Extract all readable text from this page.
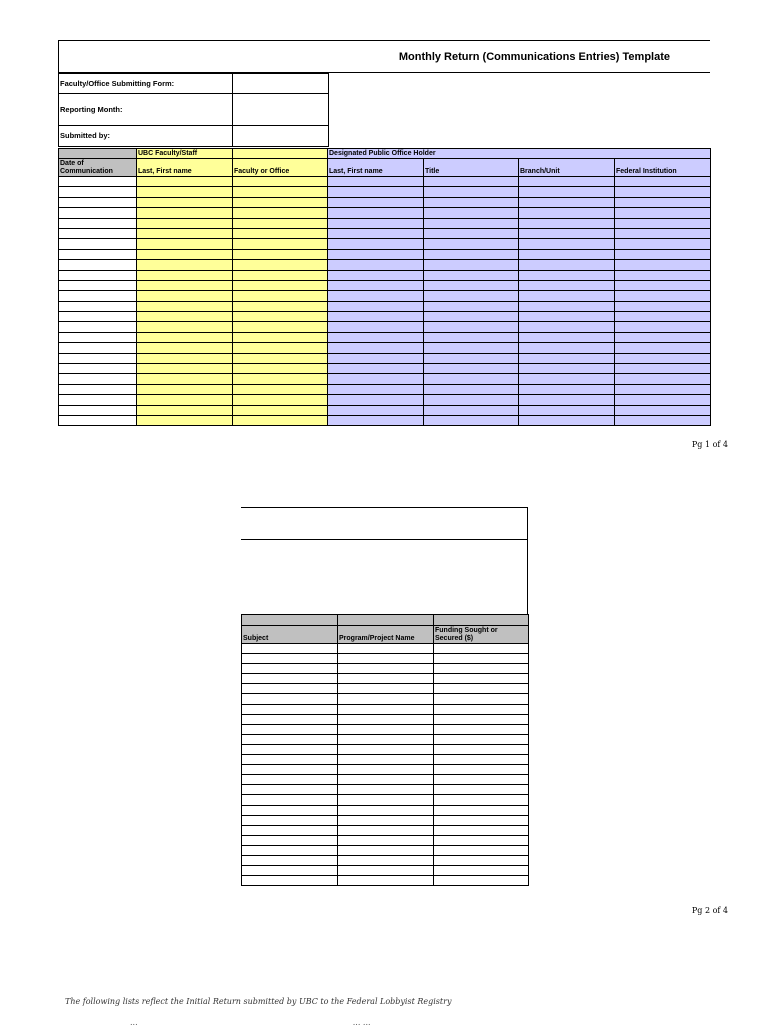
Monthly Return (Communications Entries) Template
Faculty/Office Submitting Form:	
Reporting Month:	
Submitted by:	
	UBC Faculty/Staff		Designated Public Office Holder			
Date of Communication	Last, First name	Faculty or Office	Last, First name	Title	Branch/Unit	Federal Institution

Pg 1 of 4

Subject	Program/Project Name	Funding Sought or Secured ($)

Pg 2 of 4
The following lists reflect the Initial Return submitted by UBC to the Federal Lobbyist Registry
...	... ...
